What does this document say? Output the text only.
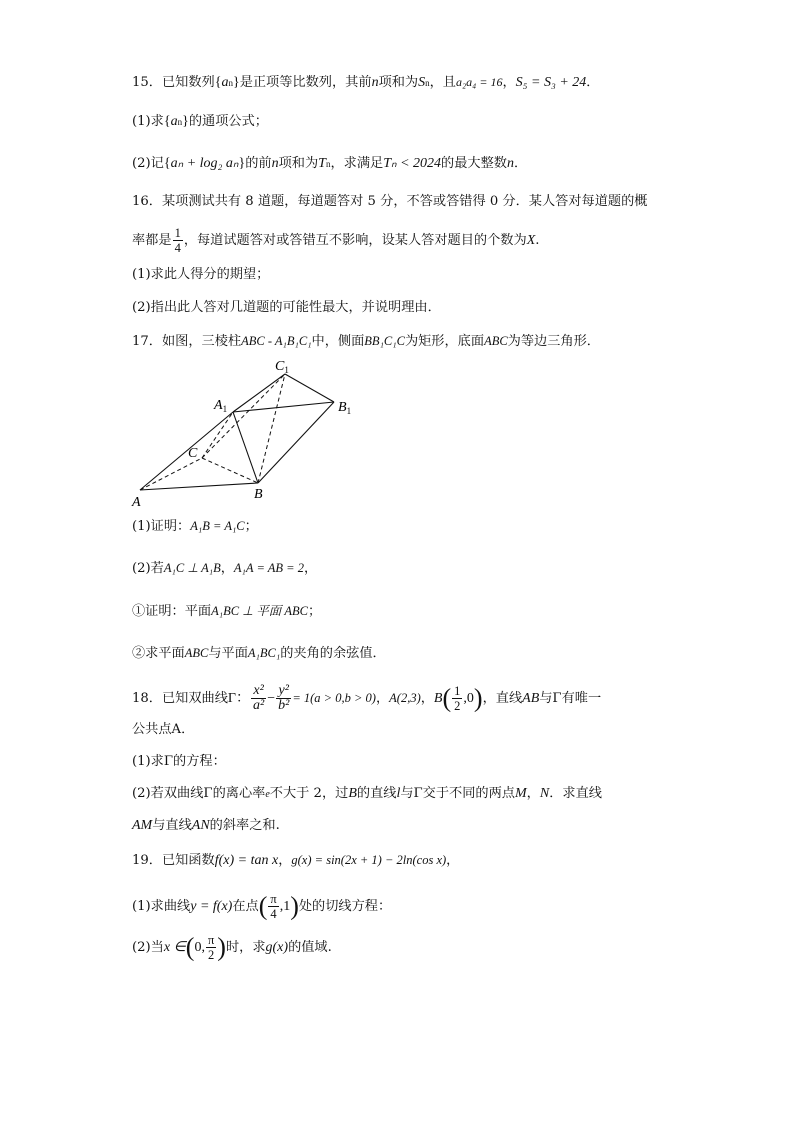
15．已知数列{an}是正项等比数列，其前n项和为Sn，且a₂a₄ = 16，S₅ = S₃ + 24．
(1)求{an}的通项公式；
(2)记{aₙ + log₂ aₙ}的前n项和为Tn，求满足Tₙ < 2024的最大整数n．
16．某项测试共有 8 道题，每道题答对 5 分，不答或答错得 0 分．某人答对每道题的概
率都是 $\frac{1}{4}$ ，每道试题答对或答错互不影响，设某人答对题目的个数为X.
(1)求此人得分的期望；
(2)指出此人答对几道题的可能性最大，并说明理由．
17．如图，三棱柱ABC - A₁B₁C₁中，侧面BB₁C₁C为矩形，底面ABC为等边三角形．
A
B
C
$A_1$	$B_1$
$C_1$
(1)证明：A₁B = A₁C；
(2)若A₁C ⊥ A₁B，A₁A = AB = 2，
①证明：平面A₁BC ⊥ 平面 ABC；
②求平面ABC与平面A₁BC₁的夹角的余弦值．
18．已知双曲线Γ： $\frac{\text{x²}}{\text{a²}} - \frac{\text{y²}}{\text{b²}} = 1(a > 0,b > 0)$，A(2,3)，$B( \frac{1}{2} ,0)$，直线AB与Γ有唯一
公共点A．
(1)求Γ的方程：
(2)若双曲线Γ的离心率e不大于 2，过B的直线l与Γ交于不同的两点M，N．求直线
AM与直线AN的斜率之和.
19．已知函数f(x) = tan x，g(x) = sin(2x + 1) − 2ln(cos x)，
(1)求曲线y = f(x)在点( $\frac{\pi}{4} ,1$)处的切线方程：
(2)当x ∈(0, $\frac{\pi}{2}$ )时，求g(x)的值域.
